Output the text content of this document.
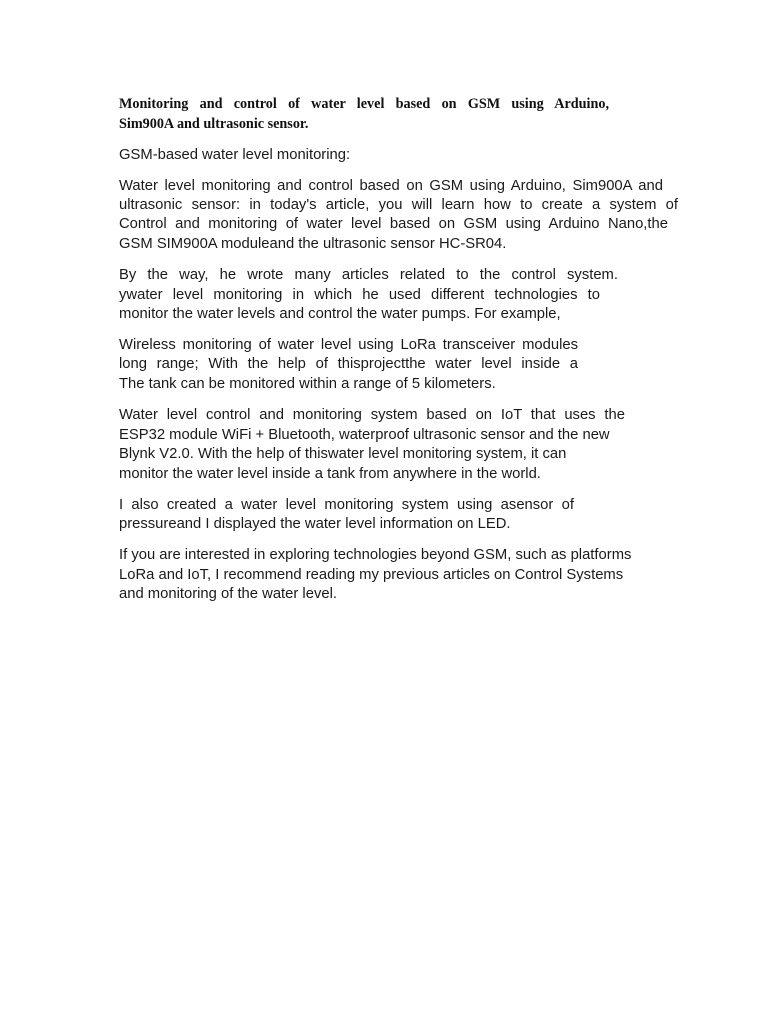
Monitoring and control of water level based on GSM using Arduino,

Sim900A and ultrasonic sensor.

GSM-based water level monitoring:

Water level monitoring and control based on GSM using Arduino, Sim900A and

ultrasonic sensor: in today's article, you will learn how to create a system of

Control and monitoring of water level based on GSM using Arduino Nano,the

GSM SIM900A moduleand the ultrasonic sensor HC-SR04.

By the way, he wrote many articles related to the control system.

ywater level monitoring in which he used different technologies to

monitor the water levels and control the water pumps. For example,

Wireless monitoring of water level using LoRa transceiver modules

long range; With the help of thisprojectthe water level inside a

The tank can be monitored within a range of 5 kilometers.

Water level control and monitoring system based on IoT that uses the

ESP32 module WiFi + Bluetooth, waterproof ultrasonic sensor and the new

Blynk V2.0. With the help of thiswater level monitoring system, it can

monitor the water level inside a tank from anywhere in the world.

I also created a water level monitoring system using asensor of

pressureand I displayed the water level information on LED.

If you are interested in exploring technologies beyond GSM, such as platforms

LoRa and IoT, I recommend reading my previous articles on Control Systems

and monitoring of the water level.
